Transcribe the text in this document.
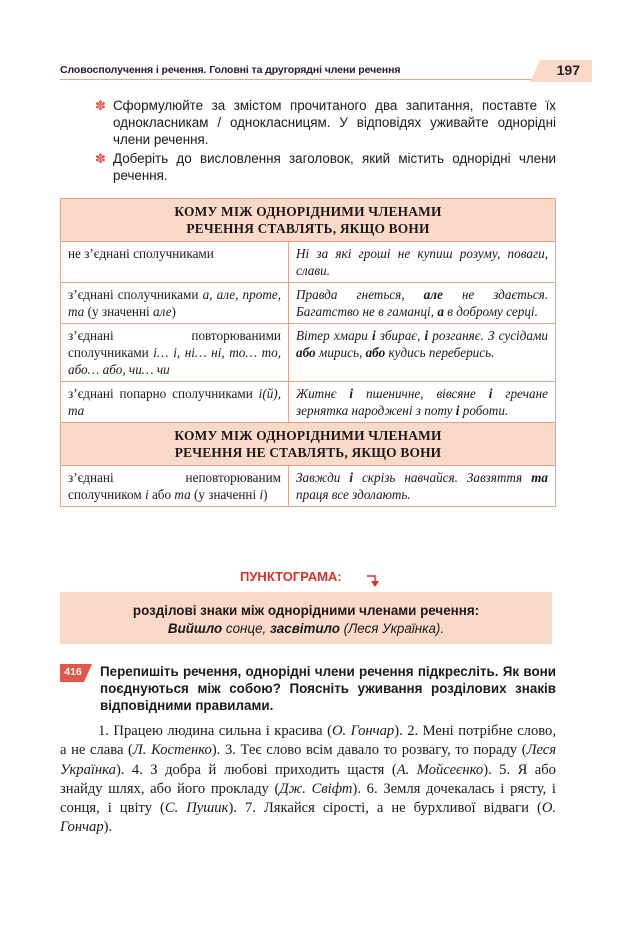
Словосполучення і речення. Головні та другорядні члени речення	197
✽ Сформулюйте за змістом прочитаного два запитання, поставте їх однокласникам / однокласницям. У відповідях уживайте однорідні члени речення.
✽ Доберіть до висловлення заголовок, який містить однорідні члени речення.
КОМУ МІЖ ОДНОРІДНИМИ ЧЛЕНАМИ
РЕЧЕННЯ СТАВЛЯТЬ, ЯКЩО ВОНИ	
не з’єднані сполучниками	Ні за які гроші не купиш розуму, поваги, слави.
з’єднані сполучниками а, але, проте, та (у значенні але)	Правда гнеться, але не здається. Багатство не в гаманці, а в доброму серці.
з’єднані повторюваними сполучниками і… і, ні… ні, то… то, або… або, чи… чи	Вітер хмари і збирає, і розганяє. З сусідами або мирись, або кудись переберись.
з’єднані попарно сполучниками і(й), та	Житнє і пшеничне, вівсяне і гречане зернятка народжені з поту і роботи.
КОМУ МІЖ ОДНОРІДНИМИ ЧЛЕНАМИ
РЕЧЕННЯ НЕ СТАВЛЯТЬ, ЯКЩО ВОНИ	
з’єднані неповторюваним сполучником і або та (у значенні і)	Завжди і скрізь навчайся. Завзяття та праця все здолають.
ПУНКТОГРАМА:
розділові знаки між однорідними членами речення:
Вийшло сонце, засвітило (Леся Українка).
416	Перепишіть речення, однорідні члени речення підкресліть. Як вони поєднуються між собою? Поясніть уживання розділових знаків відповідними правилами.
1. Працею людина сильна і красива (О. Гончар). 2. Мені потрібне слово, а не слава (Л. Костенко). 3. Теє слово всім давало то розвагу, то пораду (Леся Українка). 4. З добра й любові приходить щастя (А. Мойсеєнко). 5. Я або знайду шлях, або його прокладу (Дж. Свіфт). 6. Земля дочекалась і рясту, і сонця, і цвіту (С. Пушик). 7. Лякайся сірості, а не бурхливої відваги (О. Гончар).
